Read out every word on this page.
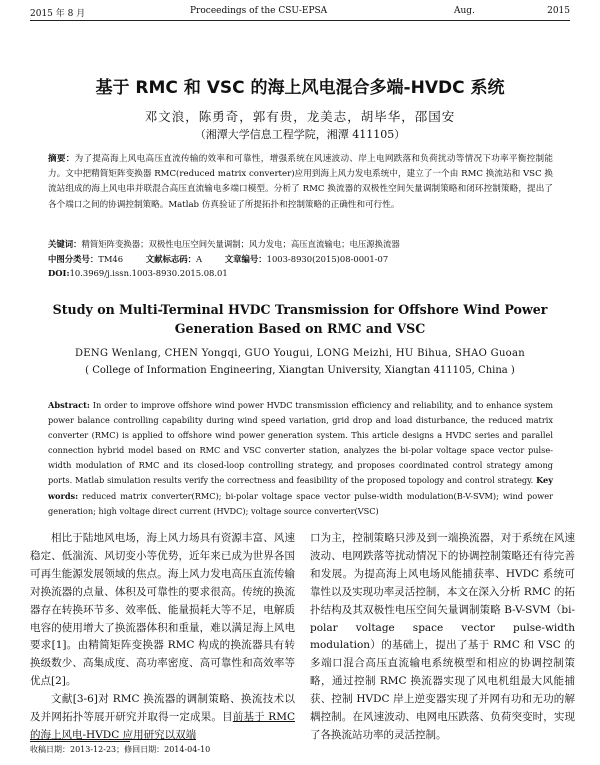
2015 年 8 月	Proceedings of the CSU-EPSA	Aug.	2015
基于 RMC 和 VSC 的海上风电混合多端-HVDC 系统
邓文浪，陈勇奇，郭有贵，龙美志，胡毕华，邵国安
（湘潭大学信息工程学院，湘潭 411105）
摘要：为了提高海上风电高压直流传输的效率和可靠性，增强系统在风速波动、岸上电网跌落和负荷扰动等情况下功率平衡控制能力。文中把精简矩阵变换器 RMC(reduced matrix converter)应用到海上风力发电系统中，建立了一个由 RMC 换流站和 VSC 换流站组成的海上风电串并联混合高压直流输电多端口模型。分析了 RMC 换流器的双极性空间矢量调制策略和闭环控制策略，提出了各个端口之间的协调控制策略。Matlab 仿真验证了所提拓扑和控制策略的正确性和可行性。
关键词：精简矩阵变换器；双极性电压空间矢量调制；风力发电；高压直流输电；电压源换流器
中图分类号：TM46	文献标志码：A	文章编号：1003-8930(2015)08-0001-07
DOI:10.3969/j.issn.1003-8930.2015.08.01
Study on Multi-Terminal HVDC Transmission for Offshore Wind Power
Generation Based on RMC and VSC
DENG Wenlang, CHEN Yongqi, GUO Yougui, LONG Meizhi, HU Bihua, SHAO Guoan
( College of Information Engineering, Xiangtan University, Xiangtan 411105, China )
Abstract: In order to improve offshore wind power HVDC transmission efficiency and reliability, and to enhance system power balance controlling capability during wind speed variation, grid drop and load disturbance, the reduced matrix converter (RMC) is applied to offshore wind power generation system. This article designs a HVDC series and parallel connection hybrid model based on RMC and VSC converter station, analyzes the bi-polar voltage space vector pulse-width modulation of RMC and its closed-loop controlling strategy, and proposes coordinated control strategy among ports. Matlab simulation results verify the correctness and feasibility of the proposed topology and control strategy. Key words: reduced matrix converter(RMC); bi-polar voltage space vector pulse-width modulation(B-V-SVM); wind power generation; high voltage direct current (HVDC); voltage source converter(VSC)

相比于陆地风电场，海上风力场具有资源丰富、风速稳定、低湍流、风切变小等优势，近年来已成为世界各国可再生能源发展领域的焦点。海上风力发电高压直流传输对换流器的点量、体积及可靠性的要求很高。传统的换流器存在转换环节多、效率低、能量损耗大等不足，电解质电容的使用增大了换流器体积和重量，难以满足海上风电要求[1]。由精简矩阵变换器 RMC 构成的换流器具有转换级数少、高集成度、高功率密度、高可靠性和高效率等优点[2]。

文献[3-6]对 RMC 换流器的调制策略、换流技术以及并网拓扑等展开研究并取得一定成果。目前基于 RMC 的海上风电-HVDC 应用研究以双端

口为主，控制策略只涉及到一端换流器，对于系统在风速波动、电网跌落等扰动情况下的协调控制策略还有待完善和发展。为提高海上风电场风能捕获率、HVDC 系统可靠性以及实现功率灵活控制，本文在深入分析 RMC 的拓扑结构及其双极性电压空间矢量调制策略 B-V-SVM（bi-polar voltage space vector pulse-width modulation）的基础上，提出了基于 RMC 和 VSC 的多端口混合高压直流输电系统模型和相应的协调控制策略，通过控制 RMC 换流器实现了风电机组最大风能捕获、控制 HVDC 岸上逆变器实现了并网有功和无功的解耦控制。在风速波动、电网电压跌落、负荷突变时，实现了各换流站功率的灵活控制。

收稿日期：2013-12-23；修回日期：2014-04-10
